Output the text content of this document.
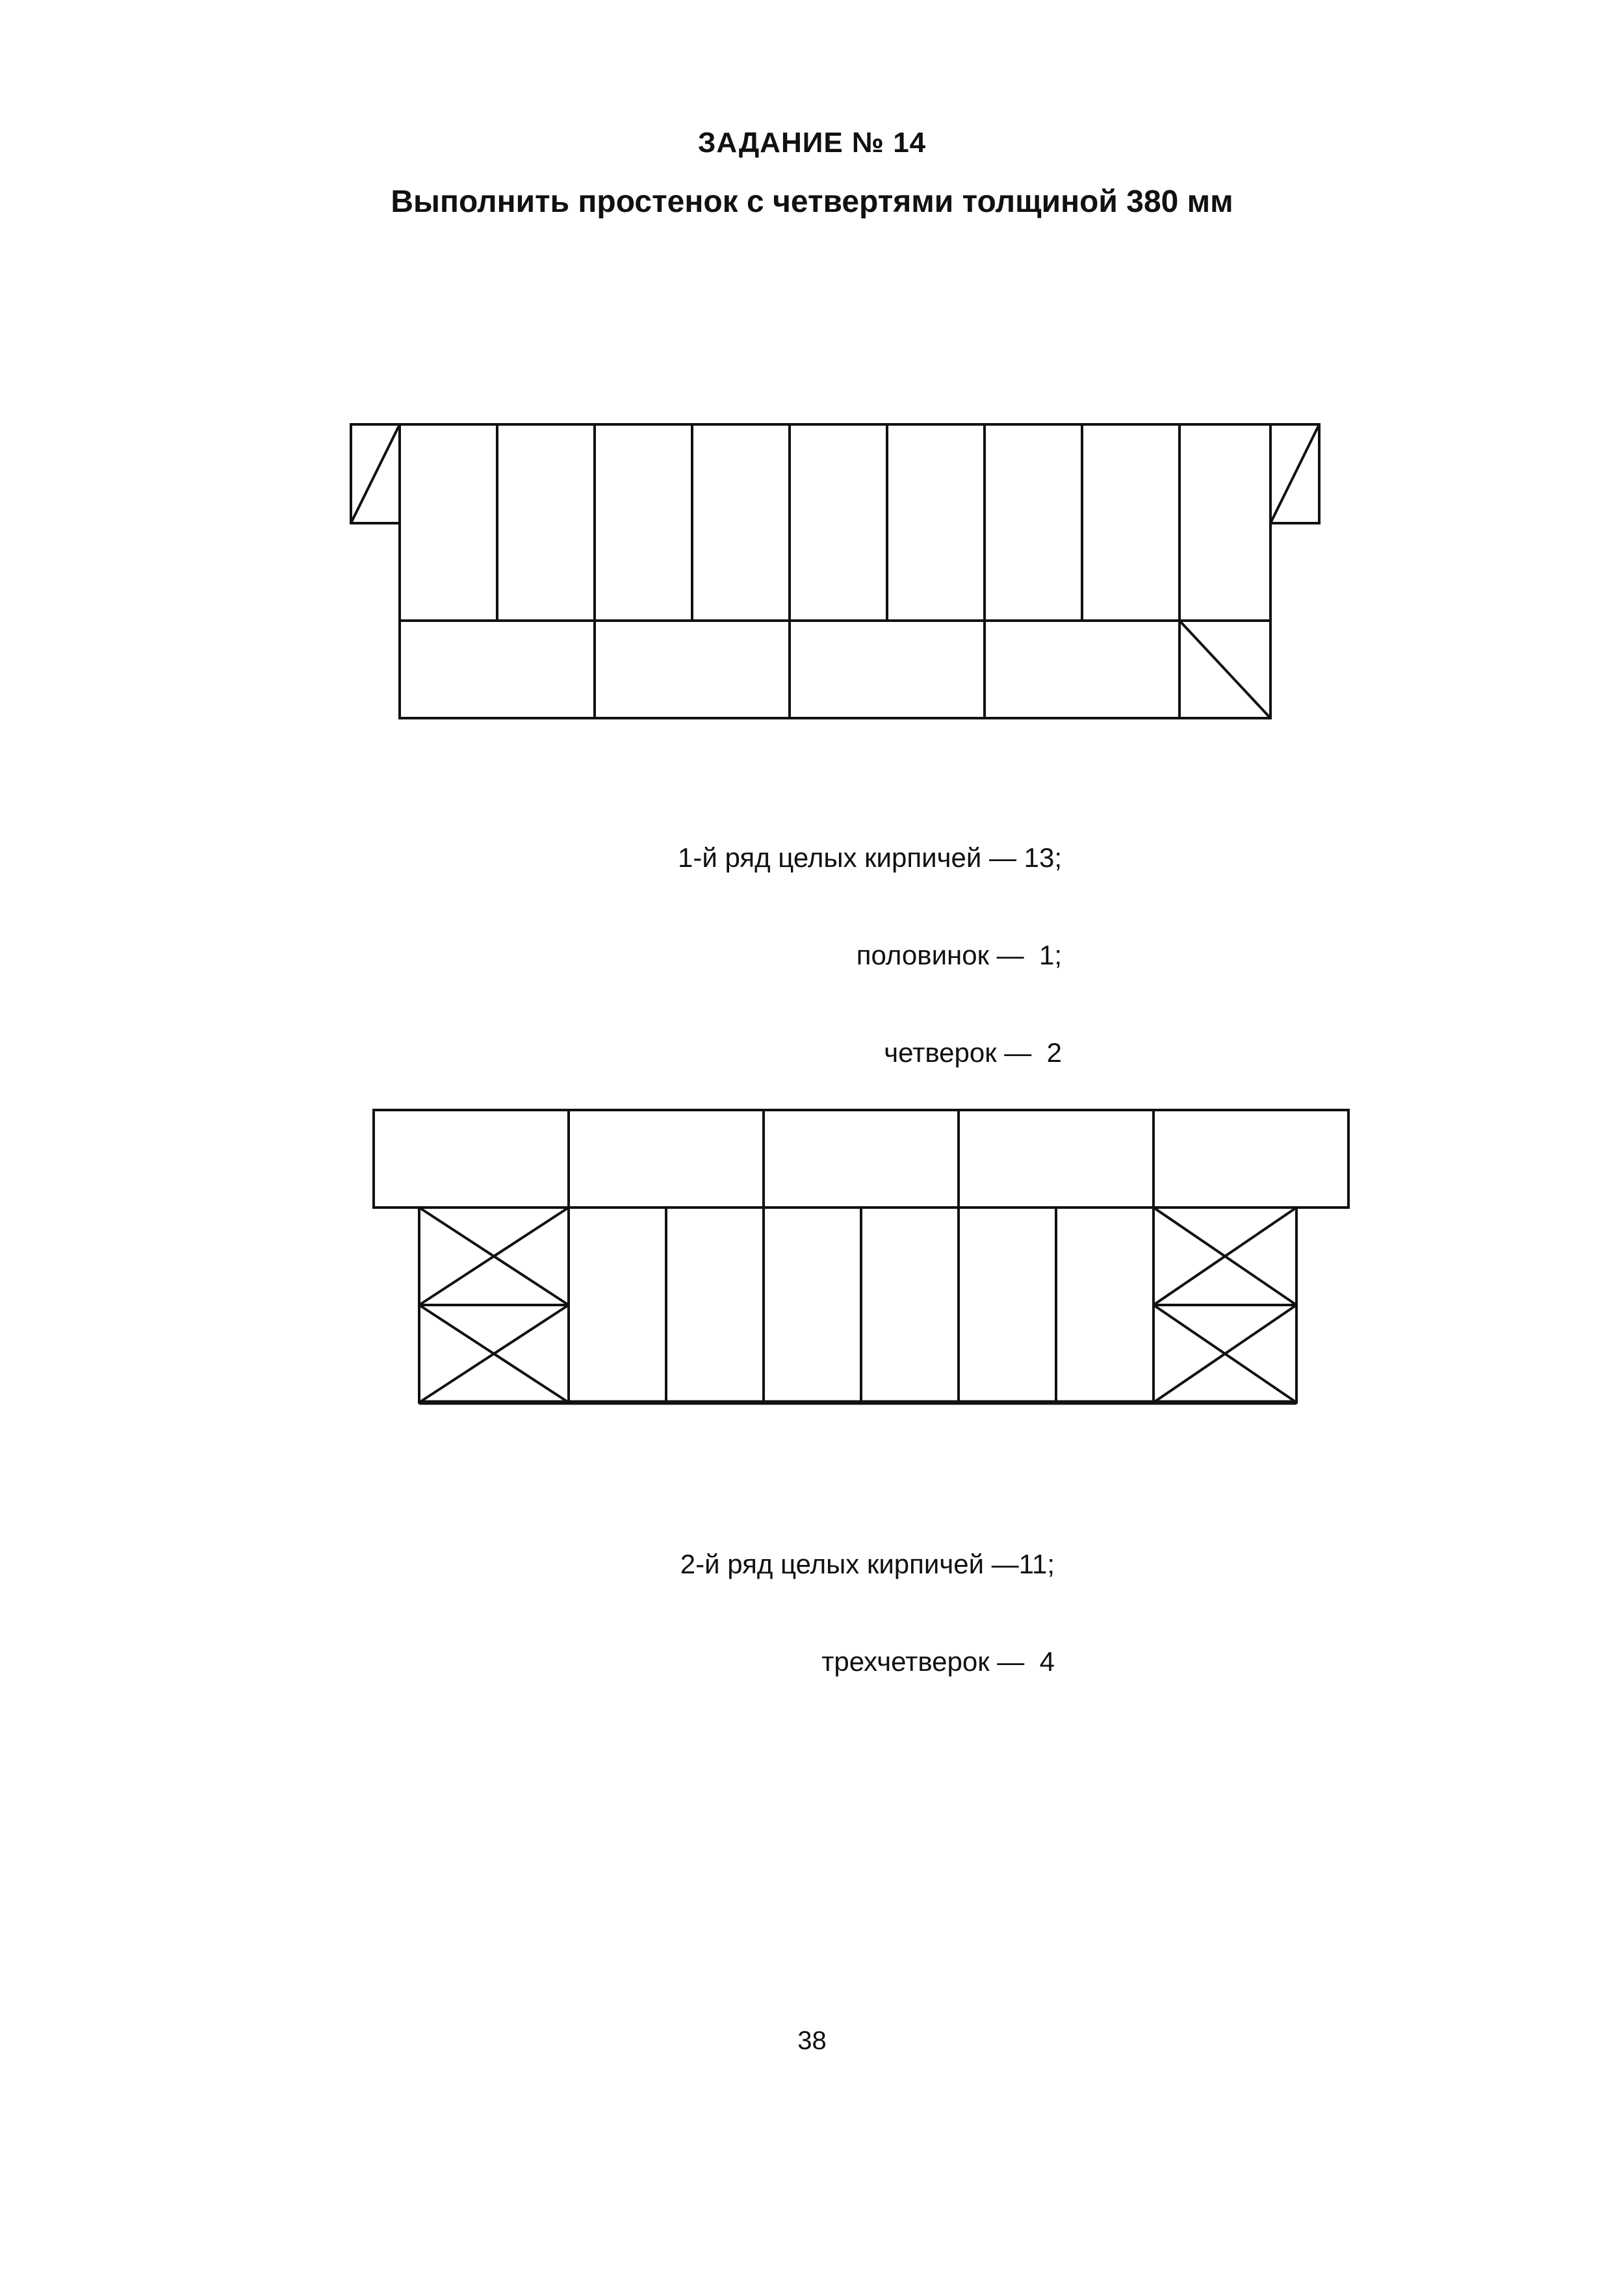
ЗАДАНИЕ № 14
Выполнить простенок с четвертями толщиной 380 мм

1-й ряд целых кирпичей — 13;

половинок —  1;

четверок —  2

2-й ряд целых кирпичей —11;

трехчетверок —  4

38
